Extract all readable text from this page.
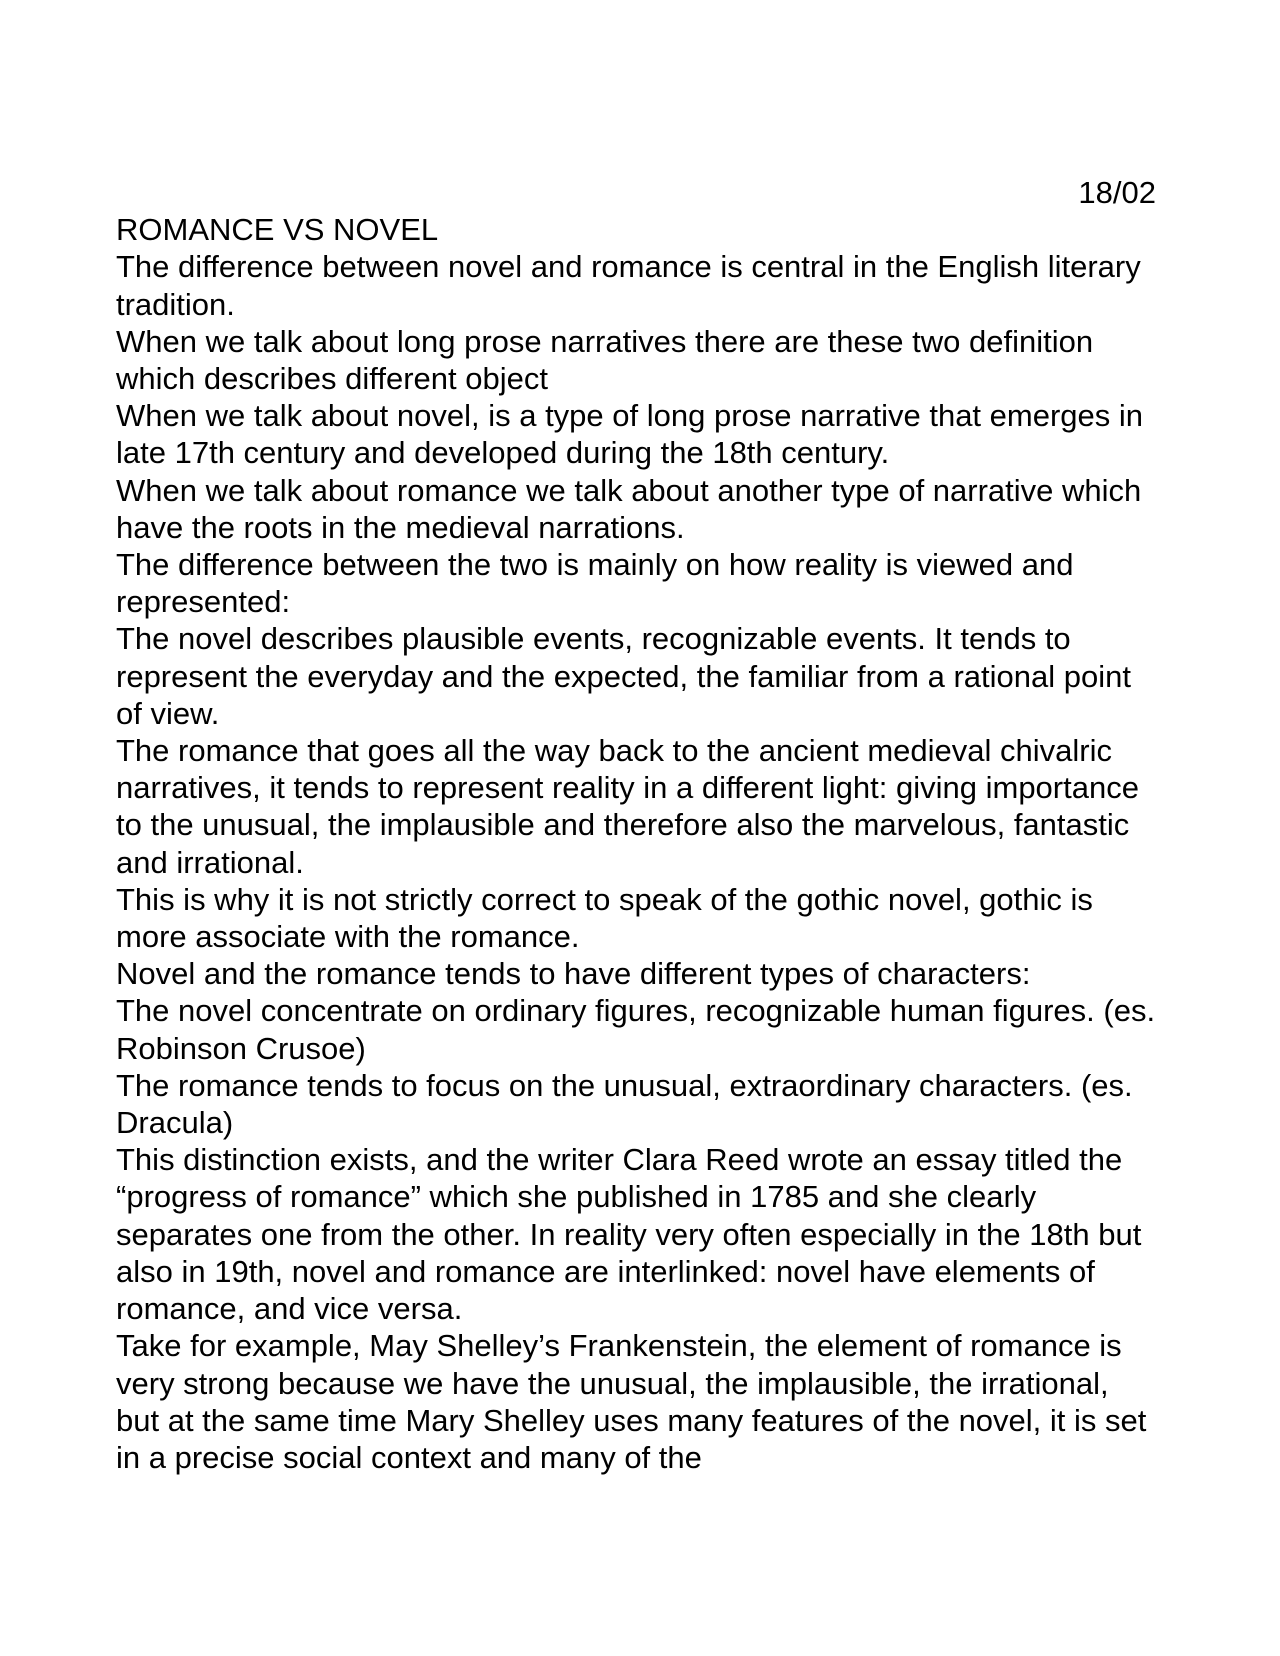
18/02
ROMANCE VS NOVEL
The difference between novel and romance is central in the English literary tradition.
When we talk about long prose narratives there are these two definition which describes different object
When we talk about novel, is a type of long prose narrative that emerges in late 17th century and developed during the 18th century.
When we talk about romance we talk about another type of narrative which have the roots in the medieval narrations.
The difference between the two is mainly on how reality is viewed and represented:
The novel describes plausible events, recognizable events. It tends to represent the everyday and the expected, the familiar from a rational point of view.
The romance that goes all the way back to the ancient medieval chivalric narratives, it tends to represent reality in a different light: giving importance to the unusual, the implausible and therefore also the marvelous, fantastic and irrational.
This is why it is not strictly correct to speak of the gothic novel, gothic is more associate with the romance.
Novel and the romance tends to have different types of characters:
The novel concentrate on ordinary figures, recognizable human figures. (es. Robinson Crusoe)
The romance tends to focus on the unusual, extraordinary characters. (es. Dracula)
This distinction exists, and the writer Clara Reed wrote an essay titled the “progress of romance” which she published in 1785 and she clearly separates one from the other. In reality very often especially in the 18th but also in 19th, novel and romance are interlinked: novel have elements of romance, and vice versa.
Take for example, May Shelley’s Frankenstein, the element of romance is very strong because we have the unusual, the implausible, the irrational, but at the same time Mary Shelley uses many features of the novel, it is set in a precise social context and many of the
